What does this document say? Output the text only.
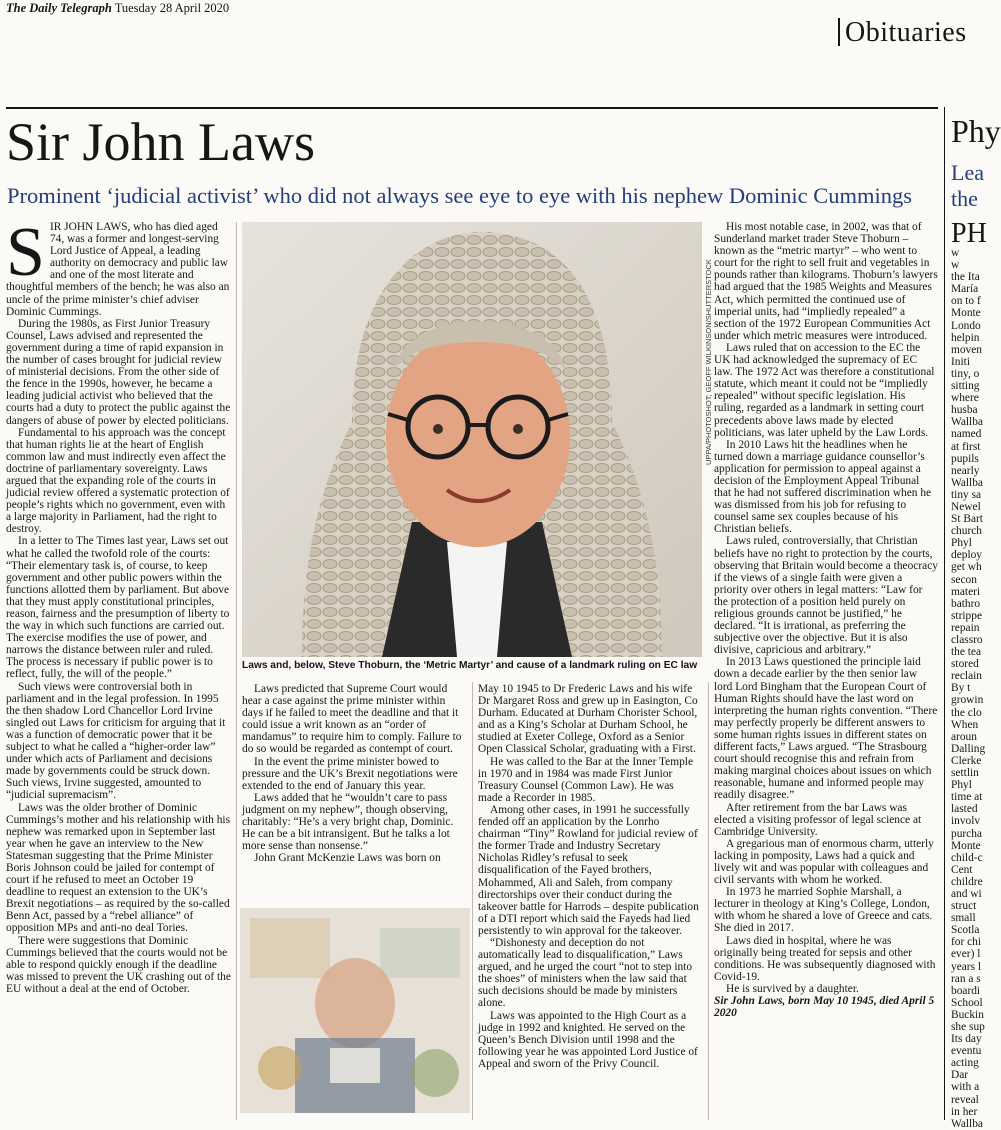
The Daily Telegraph Tuesday 28 April 2020
Obituaries
Sir John Laws
Prominent ‘judicial activist’ who did not always see eye to eye with his nephew Dominic Cummings
Phy
Lea
the
S IR JOHN LAWS, who has died aged 74, was a former and longest-serving Lord Justice of Appeal, a leading authority on democracy and public law and one of the most literate and thoughtful members of the bench; he was also an uncle of the prime minister’s chief adviser Dominic Cummings.

During the 1980s, as First Junior Treasury Counsel, Laws advised and represented the government during a time of rapid expansion in the number of cases brought for judicial review of ministerial decisions. From the other side of the fence in the 1990s, however, he became a leading judicial activist who believed that the courts had a duty to protect the public against the dangers of abuse of power by elected politicians.

Fundamental to his approach was the concept that human rights lie at the heart of English common law and must indirectly even affect the doctrine of parliamentary sovereignty. Laws argued that the expanding role of the courts in judicial review offered a systematic protection of people’s rights which no government, even with a large majority in Parliament, had the right to destroy.

In a letter to The Times last year, Laws set out what he called the twofold role of the courts: “Their elementary task is, of course, to keep government and other public powers within the functions allotted them by parliament. But above that they must apply constitutional principles, reason, fairness and the presumption of liberty to the way in which such functions are carried out. The exercise modifies the use of power, and narrows the distance between ruler and ruled. The process is necessary if public power is to reflect, fully, the will of the people.”

Such views were controversial both in parliament and in the legal profession. In 1995 the then shadow Lord Chancellor Lord Irvine singled out Laws for criticism for arguing that it was a function of democratic power that it be subject to what he called a “higher-order law” under which acts of Parliament and decisions made by governments could be struck down. Such views, Irvine suggested, amounted to “judicial supremacism”.

Laws was the older brother of Dominic Cummings’s mother and his relationship with his nephew was remarked upon in September last year when he gave an interview to the New Statesman suggesting that the Prime Minister Boris Johnson could be jailed for contempt of court if he refused to meet an October 19 deadline to request an extension to the UK’s Brexit negotiations – as required by the so-called Benn Act, passed by a “rebel alliance” of opposition MPs and anti-no deal Tories.

There were suggestions that Dominic Cummings believed that the courts would not be able to respond quickly enough if the deadline was missed to prevent the UK crashing out of the EU without a deal at the end of October.

Laws and, below, Steve Thoburn, the ‘Metric Martyr’ and cause of a landmark ruling on EC law
UPPA/PHOTOSHOT; GEOFF WILKINSON/SHUTTERSTOCK

Laws predicted that Supreme Court would hear a case against the prime minister within days if he failed to meet the deadline and that it could issue a writ known as an “order of mandamus” to require him to comply. Failure to do so would be regarded as contempt of court.

In the event the prime minister bowed to pressure and the UK’s Brexit negotiations were extended to the end of January this year.

Laws added that he “wouldn’t care to pass judgment on my nephew”, though observing, charitably: “He’s a very bright chap, Dominic. He can be a bit intransigent. But he talks a lot more sense than nonsense.”

John Grant McKenzie Laws was born on

May 10 1945 to Dr Frederic Laws and his wife Dr Margaret Ross and grew up in Easington, Co Durham. Educated at Durham Chorister School, and as a King’s Scholar at Durham School, he studied at Exeter College, Oxford as a Senior Open Classical Scholar, graduating with a First.

He was called to the Bar at the Inner Temple in 1970 and in 1984 was made First Junior Treasury Counsel (Common Law). He was made a Recorder in 1985.

Among other cases, in 1991 he successfully fended off an application by the Lonrho chairman “Tiny” Rowland for judicial review of the former Trade and Industry Secretary Nicholas Ridley’s refusal to seek disqualification of the Fayed brothers, Mohammed, Ali and Saleh, from company directorships over their conduct during the takeover battle for Harrods – despite publication of a DTI report which said the Fayeds had lied persistently to win approval for the takeover.

“Dishonesty and deception do not automatically lead to disqualification,” Laws argued, and he urged the court “not to step into the shoes” of ministers when the law said that such decisions should be made by ministers alone.

Laws was appointed to the High Court as a judge in 1992 and knighted. He served on the Queen’s Bench Division until 1998 and the following year he was appointed Lord Justice of Appeal and sworn of the Privy Council.

His most notable case, in 2002, was that of Sunderland market trader Steve Thoburn – known as the “metric martyr” – who went to court for the right to sell fruit and vegetables in pounds rather than kilograms. Thoburn’s lawyers had argued that the 1985 Weights and Measures Act, which permitted the continued use of imperial units, had “impliedly repealed” a section of the 1972 European Communities Act under which metric measures were introduced.

Laws ruled that on accession to the EC the UK had acknowledged the supremacy of EC law. The 1972 Act was therefore a constitutional statute, which meant it could not be “impliedly repealed” without specific legislation. His ruling, regarded as a landmark in setting court precedents above laws made by elected politicians, was later upheld by the Law Lords.

In 2010 Laws hit the headlines when he turned down a marriage guidance counsellor’s application for permission to appeal against a decision of the Employment Appeal Tribunal that he had not suffered discrimination when he was dismissed from his job for refusing to counsel same sex couples because of his Christian beliefs.

Laws ruled, controversially, that Christian beliefs have no right to protection by the courts, observing that Britain would become a theocracy if the views of a single faith were given a priority over others in legal matters: “Law for the protection of a position held purely on religious grounds cannot be justified,” he declared. “It is irrational, as preferring the subjective over the objective. But it is also divisive, capricious and arbitrary.”

In 2013 Laws questioned the principle laid down a decade earlier by the then senior law lord Lord Bingham that the European Court of Human Rights should have the last word on interpreting the human rights convention. “There may perfectly properly be different answers to some human rights issues in different states on different facts,” Laws argued. “The Strasbourg court should recognise this and refrain from making marginal choices about issues on which reasonable, humane and informed people may readily disagree.”

After retirement from the bar Laws was elected a visiting professor of legal science at Cambridge University.

A gregarious man of enormous charm, utterly lacking in pomposity, Laws had a quick and lively wit and was popular with colleagues and civil servants with whom he worked.

In 1973 he married Sophie Marshall, a lecturer in theology at King’s College, London, with whom he shared a love of Greece and cats. She died in 2017.

Laws died in hospital, where he was originally being treated for sepsis and other conditions. He was subsequently diagnosed with Covid-19.

He is survived by a daughter.

Sir John Laws, born May 10 1945, died April 5 2020

PH

w

w

the Ita

María

on to f

Monte

Londo

helpin

moven

Initi

tiny, o

sitting

where

husba

Wallba

named

at first

pupils

nearly

Wallba

tiny sa

Newel

St Bart

church

Phyl

deploy

get wh

secon

materi

bathro

strippe

repain

classro

the tea

stored

reclain

By t

growin

the clo

When

aroun

Dalling

Clerke

settlin

Phyl

time at

lasted

involv

purcha

Monte

child-c

Cent

childre

and wi

struct

small

Scotla

for chi

ever) l

years l

ran a s

boardi

School

Buckin

she sup

Its day

eventu

acting

Dar

with a

reveal

in her

Wallba
